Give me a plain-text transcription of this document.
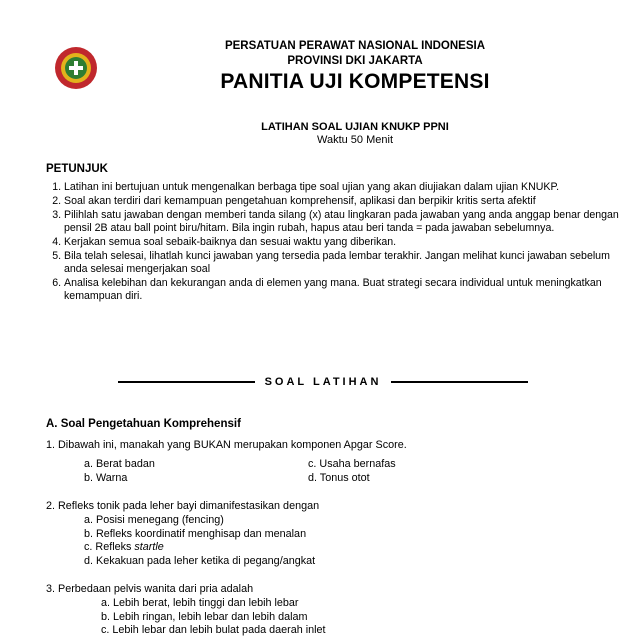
PERSATUAN PERAWAT NASIONAL INDONESIA
PROVINSI DKI JAKARTA
PANITIA UJI KOMPETENSI
LATIHAN SOAL UJIAN KNUKP PPNI
Waktu 50 Menit
PETUNJUK
1. Latihan ini bertujuan untuk mengenalkan berbaga tipe soal ujian yang akan diujiakan dalam ujian KNUKP.
2. Soal akan terdiri dari kemampuan pengetahuan komprehensif, aplikasi dan berpikir kritis serta afektif
3. Pilihlah satu jawaban dengan memberi tanda silang (x) atau lingkaran pada jawaban yang anda anggap benar dengan pensil 2B atau ball point biru/hitam. Bila ingin rubah, hapus atau beri tanda = pada jawaban sebelumnya.
4. Kerjakan semua soal sebaik-baiknya dan sesuai waktu yang diberikan.
5. Bila telah selesai, lihatlah kunci jawaban yang tersedia pada lembar terakhir. Jangan melihat kunci jawaban sebelum anda selesai mengerjakan soal
6. Analisa kelebihan dan kekurangan anda di elemen yang mana. Buat strategi secara individual untuk meningkatkan kemampuan diri.
SOAL LATIHAN
A. Soal Pengetahuan Komprehensif
1. Dibawah ini, manakah yang BUKAN merupakan komponen Apgar Score.
a. Berat badan
b. Warna
c. Usaha bernafas
d. Tonus otot
2. Refleks tonik pada leher bayi dimanifestasikan dengan
a. Posisi menegang (fencing)
b. Refleks koordinatif menghisap dan menalan
c. Refleks startle
d. Kekakuan pada leher ketika di pegang/angkat
3. Perbedaan pelvis wanita dari pria adalah
a. Lebih berat, lebih tinggi dan lebih lebar
b. Lebih ringan, lebih lebar dan lebih dalam
c. Lebih lebar dan lebih bulat pada daerah inlet
